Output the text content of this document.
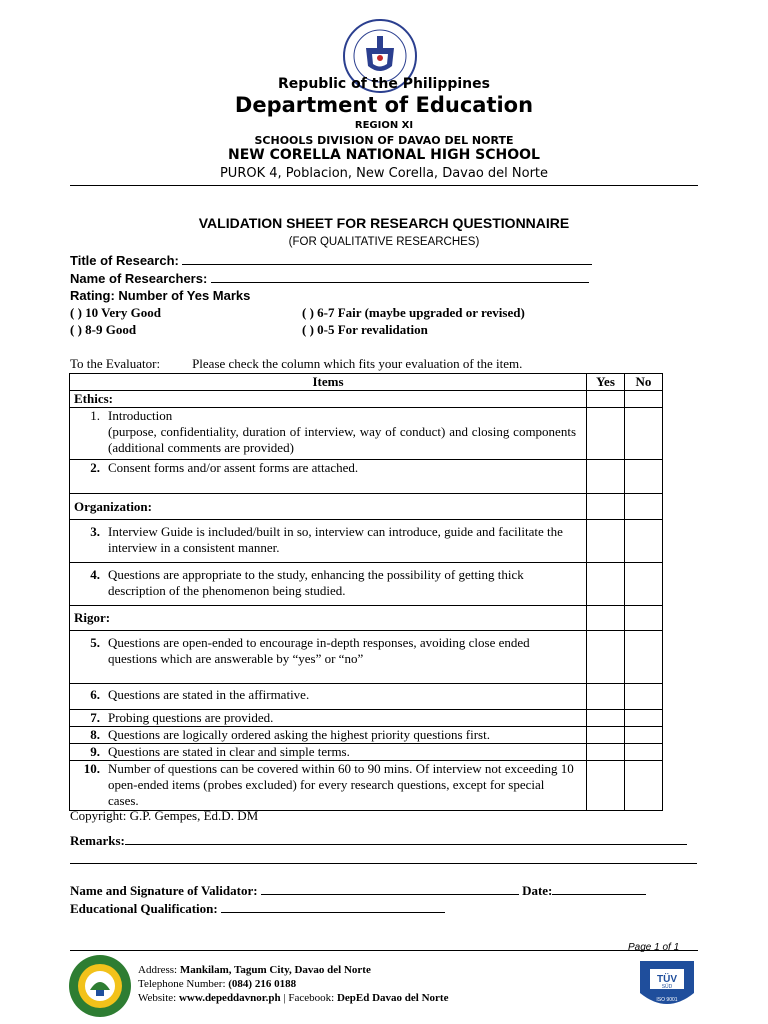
Republic of the Philippines
Department of Education
REGION XI
SCHOOLS DIVISION OF DAVAO DEL NORTE
NEW CORELLA NATIONAL HIGH SCHOOL
PUROK 4, Poblacion, New Corella, Davao del Norte
VALIDATION SHEET FOR RESEARCH QUESTIONNAIRE
(FOR QUALITATIVE RESEARCHES)
Title of Research:
Name of Researchers:
Rating: Number of Yes Marks
( ) 10 Very Good	( ) 6-7 Fair (maybe upgraded or revised)
( ) 8-9 Good	( ) 0-5 For revalidation
To the Evaluator: Please check the column which fits your evaluation of the item.
Items	Yes	No
Ethics:		
1. Introduction

(purpose, confidentiality, duration of interview, way of conduct) and closing components (additional comments are provided)		

2. Consent forms and/or assent forms are attached.		
Organization:		
3. Interview Guide is included/built in so, interview can introduce, guide and facilitate the interview in a consistent manner.		
4. Questions are appropriate to the study, enhancing the possibility of getting thick description of the phenomenon being studied.		
Rigor:		
5. Questions are open-ended to encourage in-depth responses, avoiding close ended questions which are answerable by “yes” or “no”		
6. Questions are stated in the affirmative.		
7. Probing questions are provided.		
8. Questions are logically ordered asking the highest priority questions first.		
9. Questions are stated in clear and simple terms.		
10. Number of questions can be covered within 60 to 90 mins. Of interview not exceeding 10 open-ended items (probes excluded) for every research questions, except for special cases.		
Copyright: G.P. Gempes, Ed.D. DM
Remarks:
Name and Signature of Validator:	Date:
Educational Qualification:
Page 1 of 1
Address: Mankilam, Tagum City, Davao del Norte
Telephone Number: (084) 216 0188
Website: www.depeddavnor.ph | Facebook: DepEd Davao del Norte
TÜV
SÜD
ISO 9001
